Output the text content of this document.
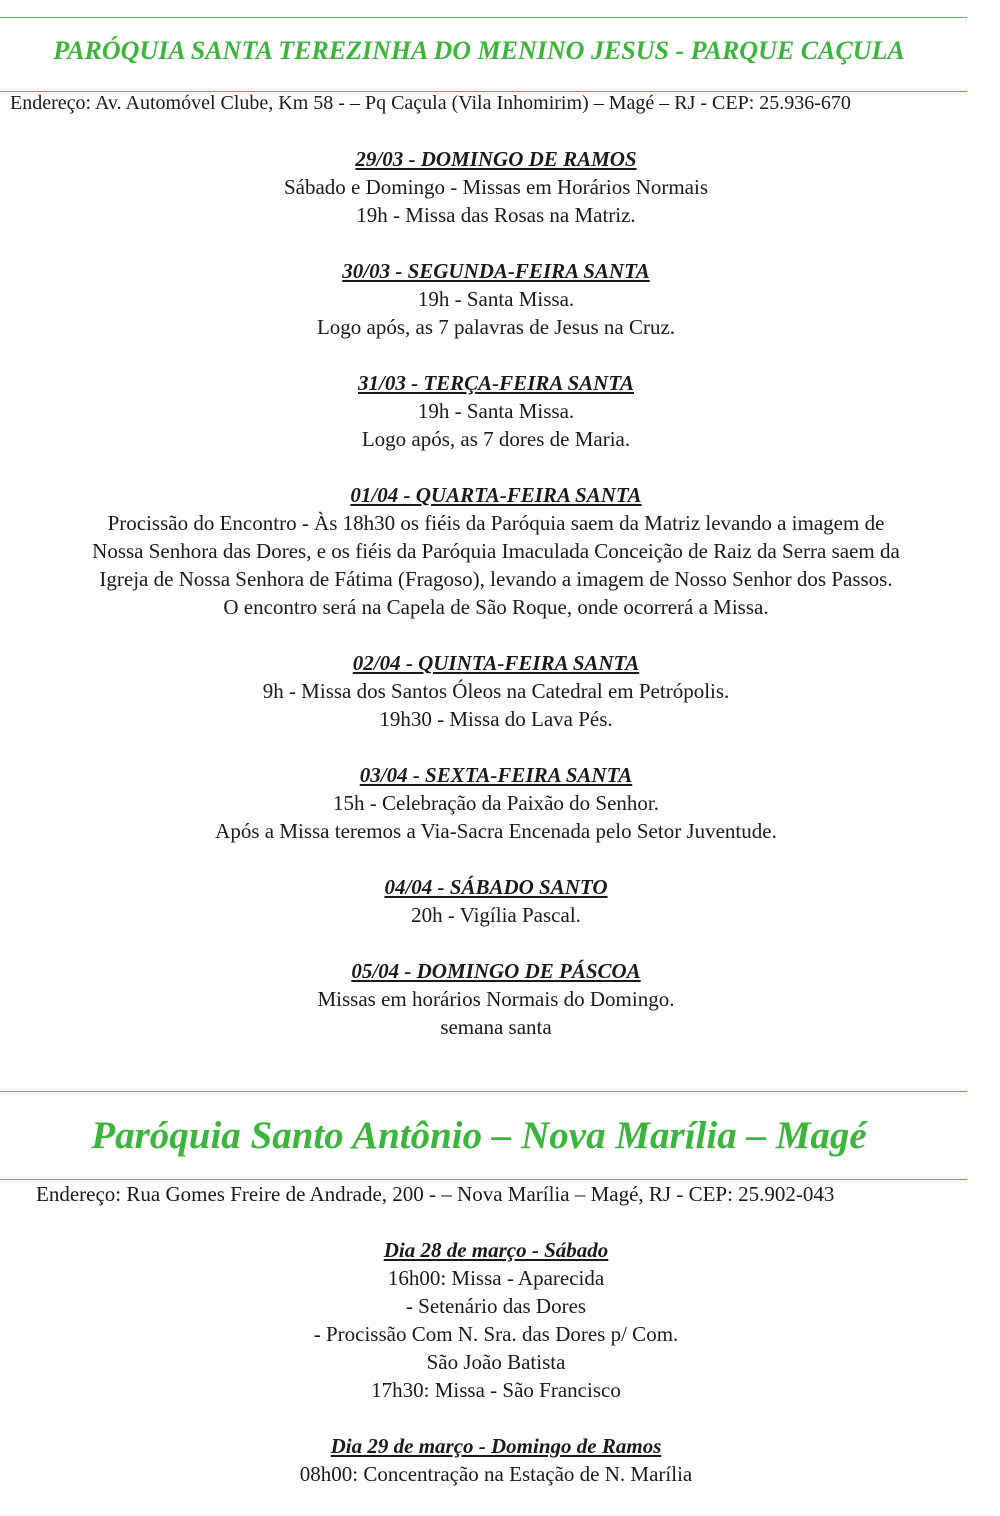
PARÓQUIA SANTA TEREZINHA DO MENINO JESUS - PARQUE CAÇULA
Endereço: Av. Automóvel Clube, Km 58 - – Pq Caçula (Vila Inhomirim) – Magé – RJ - CEP: 25.936-670
29/03 - DOMINGO DE RAMOS
Sábado e Domingo - Missas em Horários Normais
19h - Missa das Rosas na Matriz.
30/03 - SEGUNDA-FEIRA SANTA
19h - Santa Missa.
Logo após, as 7 palavras de Jesus na Cruz.
31/03 - TERÇA-FEIRA SANTA
19h - Santa Missa.
Logo após, as 7 dores de Maria.
01/04 - QUARTA-FEIRA SANTA
Procissão do Encontro - Às 18h30 os fiéis da Paróquia saem da Matriz levando a imagem de
Nossa Senhora das Dores, e os fiéis da Paróquia Imaculada Conceição de Raiz da Serra saem da
Igreja de Nossa Senhora de Fátima (Fragoso), levando a imagem de Nosso Senhor dos Passos.
O encontro será na Capela de São Roque, onde ocorrerá a Missa.
02/04 - QUINTA-FEIRA SANTA
9h - Missa dos Santos Óleos na Catedral em Petrópolis.
19h30 - Missa do Lava Pés.
03/04 - SEXTA-FEIRA SANTA
15h - Celebração da Paixão do Senhor.
Após a Missa teremos a Via-Sacra Encenada pelo Setor Juventude.
04/04 - SÁBADO SANTO
20h - Vigília Pascal.
05/04 - DOMINGO DE PÁSCOA
Missas em horários Normais do Domingo.
semana santa
Paróquia Santo Antônio – Nova Marília – Magé
Endereço: Rua Gomes Freire de Andrade, 200 - – Nova Marília – Magé, RJ - CEP: 25.902-043
Dia 28 de março - Sábado
16h00: Missa - Aparecida
- Setenário das Dores
- Procissão Com N. Sra. das Dores p/ Com.
São João Batista
17h30: Missa - São Francisco
Dia 29 de março - Domingo de Ramos
08h00: Concentração na Estação de N. Marília
